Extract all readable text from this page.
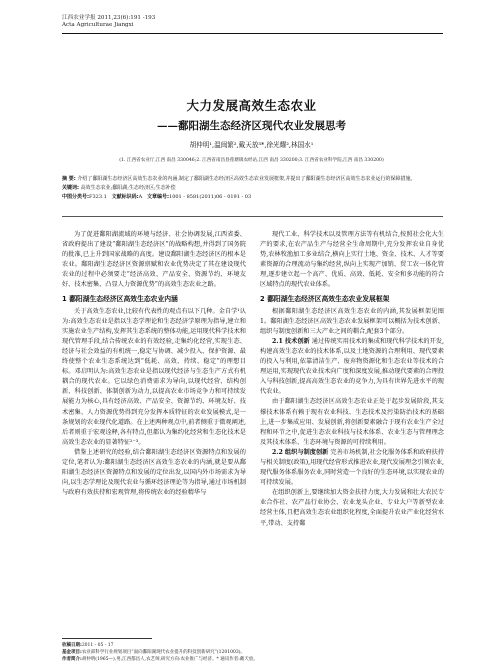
江西农业学报 2011,23(6):191 -193
Acta Agriculturae Jiangxi
大力发展高效生态农业
——鄱阳湖生态经济区现代农业发展思考
胡仲明¹,温闽繁²,戴天放³*,徐光耀²,林国水¹
(1. 江西省农业厅,江西 南昌 330046;2. 江西省南昌县莲塘镇农经站,江西 南昌 330200;3. 江西省农业科学院,江西 南昌 330200)
摘 要: 介绍了鄱阳湖生态经济区高效生态农业的内涵,制定了鄱阳湖生态经济区高效生态农业发展框架,并提出了鄱阳湖生态经济区高效生态农业运行的保障措施。
关键词: 高效生态农业;鄱阳湖;生态经济区;生态补偿
中图分类号:F323.1 文献标识码:A 文章编号:1001 - 8581(2011)06 - 0191 - 03

为了促进鄱阳湖流域的环境与经济、社会协调发展,江西省委、省政府提出了建设“鄱阳湖生态经济区”的战略构想,并得到了国务院的批准,已上升到国家战略的高度。建设鄱阳湖生态经济区的根本是农业。鄱阳湖生态经济区资源禀赋和农业优势决定了其在建设现代农业的过程中必须要走“经济高效、产品安全、资源节约、环境友好、技术密集、凸显人力资源优势”的高效生态农业之路。

1 鄱阳湖生态经济区高效生态农业内涵

关于高效生态农业,比较有代表性的观点有以下几种。金自学¹认为:高效生态农业是指以生态学理论和生态经济学原理为指导,建立和实施农业生产结构,发挥其生态系统的整体功能,运用现代科学技术和现代管理手段,结合传统农业的有效经验,走集约化经营,实现生态、经济与社会效益的有机统一,稳定与协调、减少投入、保护资源、最终使整个农业生态系统达到“低耗、高效、持续、稳定”的理想目标。邓启明认为:高效生态农业是指以现代经济与生态生产方式有机耦合的现代农业。它以绿色消费需求为导向,以现代经营、结构创新、科技创新、体制创新为动力,以提高农业市场竞争力和可持续发展能力为核心,具有经济高效、产品安全、资源节约、环境友好、技术密集、人力资源优势得到充分发挥本质特征的农业发展模式,是一条规划的农业现代化道路。在上述两种观点中,前者侧重于微观阐述,后者则重于宏观诠释,各有特点,但都认为集约化经营和生态化技术是高效生态农业的显著特征²⁻³。

借鉴上述研究的经验,结合鄱阳湖生态经济区资源特点和发展的定位,笔者认为:鄱阳湖生态经济区高效生态农业的内涵,就是要从鄱阳湖生态经济区资源特点和发展的定位出发,以国内外市场需求为导向,以生态学理论及现代农业与循环经济理论等为指导,通过市场机制与政府有效扶持和宏观管理,将传统农业的经验精华与

现代工业、科学技术以及管理方法等有机结合,按照社会化大生产的要求,在农产品生产与经营全生命周期中,充分发挥农业自身优势,农林牧渔加工多业结合,横向上实行土地、资金、技术、人才等要素资源的合理流动与集约经营,纵向上实现产加销、贸工农一体化管理,逐步建立起一个高产、优质、高效、低耗、安全和多功能的符合区域特点的现代农业体系。

2 鄱阳湖生态经济区高效生态农业发展框架

根据鄱阳湖生态经济区高效生态农业的内涵,其发展框架见图1。鄱阳湖生态经济区高效生态农业发展框架可以概括为技术创新、组织与制度创新和三大产业之间的耦合,配套3个部分。

2.1 技术创新 通过传统实用技术的集成和现代科学技术的开发,构建高效生态农业的技术体系,以及土地资源的合理利用、现代要素的投入与利用,依靠清洁生产、废弃物资源化和生态农业等技术的合理运用,实现现代农业技术向广度和深度发展,推动现代要素的合理投入与科技创新,提高高效生态农业的竞争力,为具有世界先进水平的现代农业。

由于鄱阳湖生态经济区高效生态农业正处于起步发展阶段,其支撑技术体系有赖于现有农业科技、生态技术及污染防治技术的基础上,进一步集成应用、发展创新,将创新要素融合于现有农业生产全过程和环节之中,促进生态农业科技与技术体系、农业生态与管理理念及其技术体系、生态环境与资源的可持续利用。

2.2 组织与制度创新 完善市场机制,社会化服务体系和政府扶持与相关制度(政策),用现代经营形式推进农业,现代发展理念引领农业,现代服务体系服务农业,同时营造一个良好的生态环境,以实现农业的可持续发展。

在组织创新上,要继续加大资金扶持力度,大力发展和壮大农民专业合作社、农产品行业协会、农业龙头企业、专业大户等新型农业经营主体,且把高效生态农业组织化程度,全面提升农业产业化经营水平,带动、支持鄱

收稿日期:2011 - 05 - 17
基金项目:农业部科学行业规划项目“面向鄱阳湖现代农业提升的科技创新研究”(1201003)。
作者简介:胡仲明(1965—),男,江西都昌人,农艺师,研究方向:农业推广与经济。* 通讯作者:戴天放。
